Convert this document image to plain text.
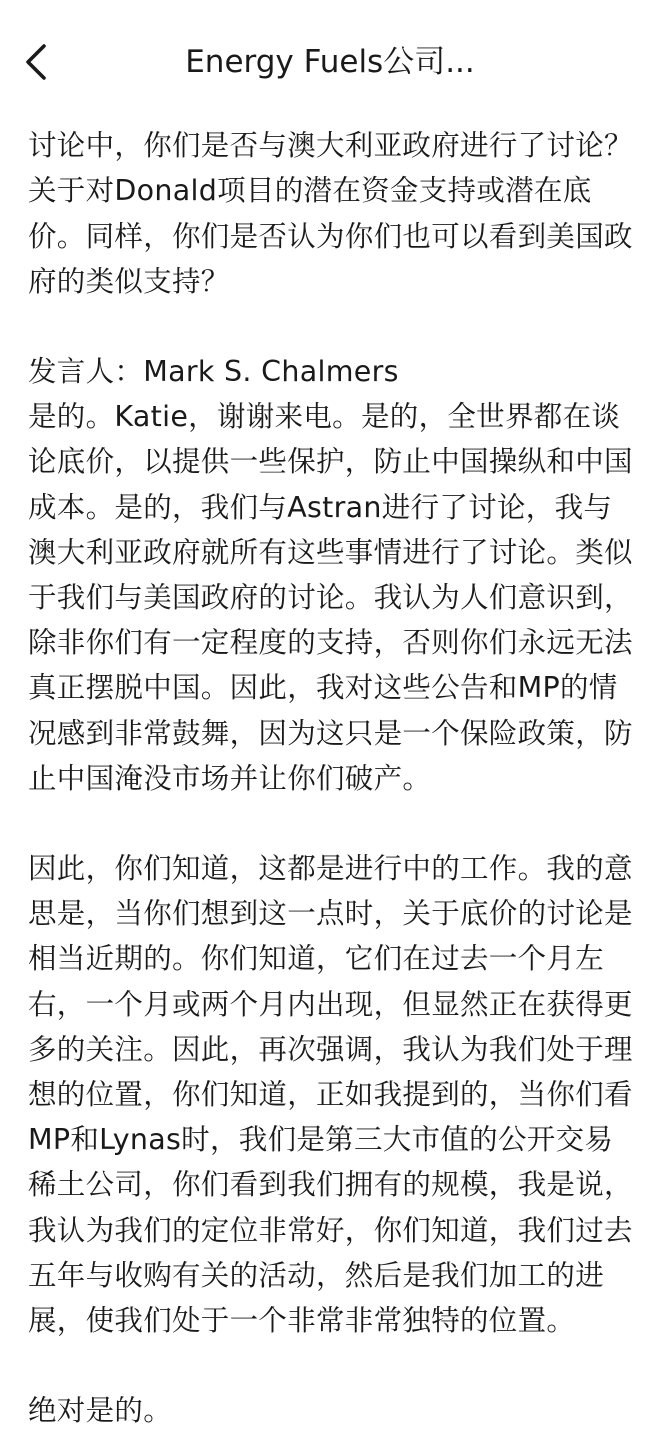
讨论中，你们是否与澳大利亚政府进行了讨论？关于对Donald项目的潜在资金支持或潜在底价。同样，你们是否认为你们也可以看到美国政府的类似支持？

发言人：Mark S. Chalmers

是的。Katie，谢谢来电。是的，全世界都在谈论底价，以提供一些保护，防止中国操纵和中国成本。是的，我们与Astran进行了讨论，我与澳大利亚政府就所有这些事情进行了讨论。类似于我们与美国政府的讨论。我认为人们意识到，除非你们有一定程度的支持，否则你们永远无法真正摆脱中国。因此，我对这些公告和MP的情况感到非常鼓舞，因为这只是一个保险政策，防止中国淹没市场并让你们破产。

因此，你们知道，这都是进行中的工作。我的意思是，当你们想到这一点时，关于底价的讨论是相当近期的。你们知道，它们在过去一个月左右，一个月或两个月内出现，但显然正在获得更多的关注。因此，再次强调，我认为我们处于理想的位置，你们知道，正如我提到的，当你们看MP和Lynas时，我们是第三大市值的公开交易稀土公司，你们看到我们拥有的规模，我是说，我认为我们的定位非常好，你们知道，我们过去五年与收购有关的活动，然后是我们加工的进展，使我们处于一个非常非常独特的位置。

绝对是的。

Energy Fuels公司...
